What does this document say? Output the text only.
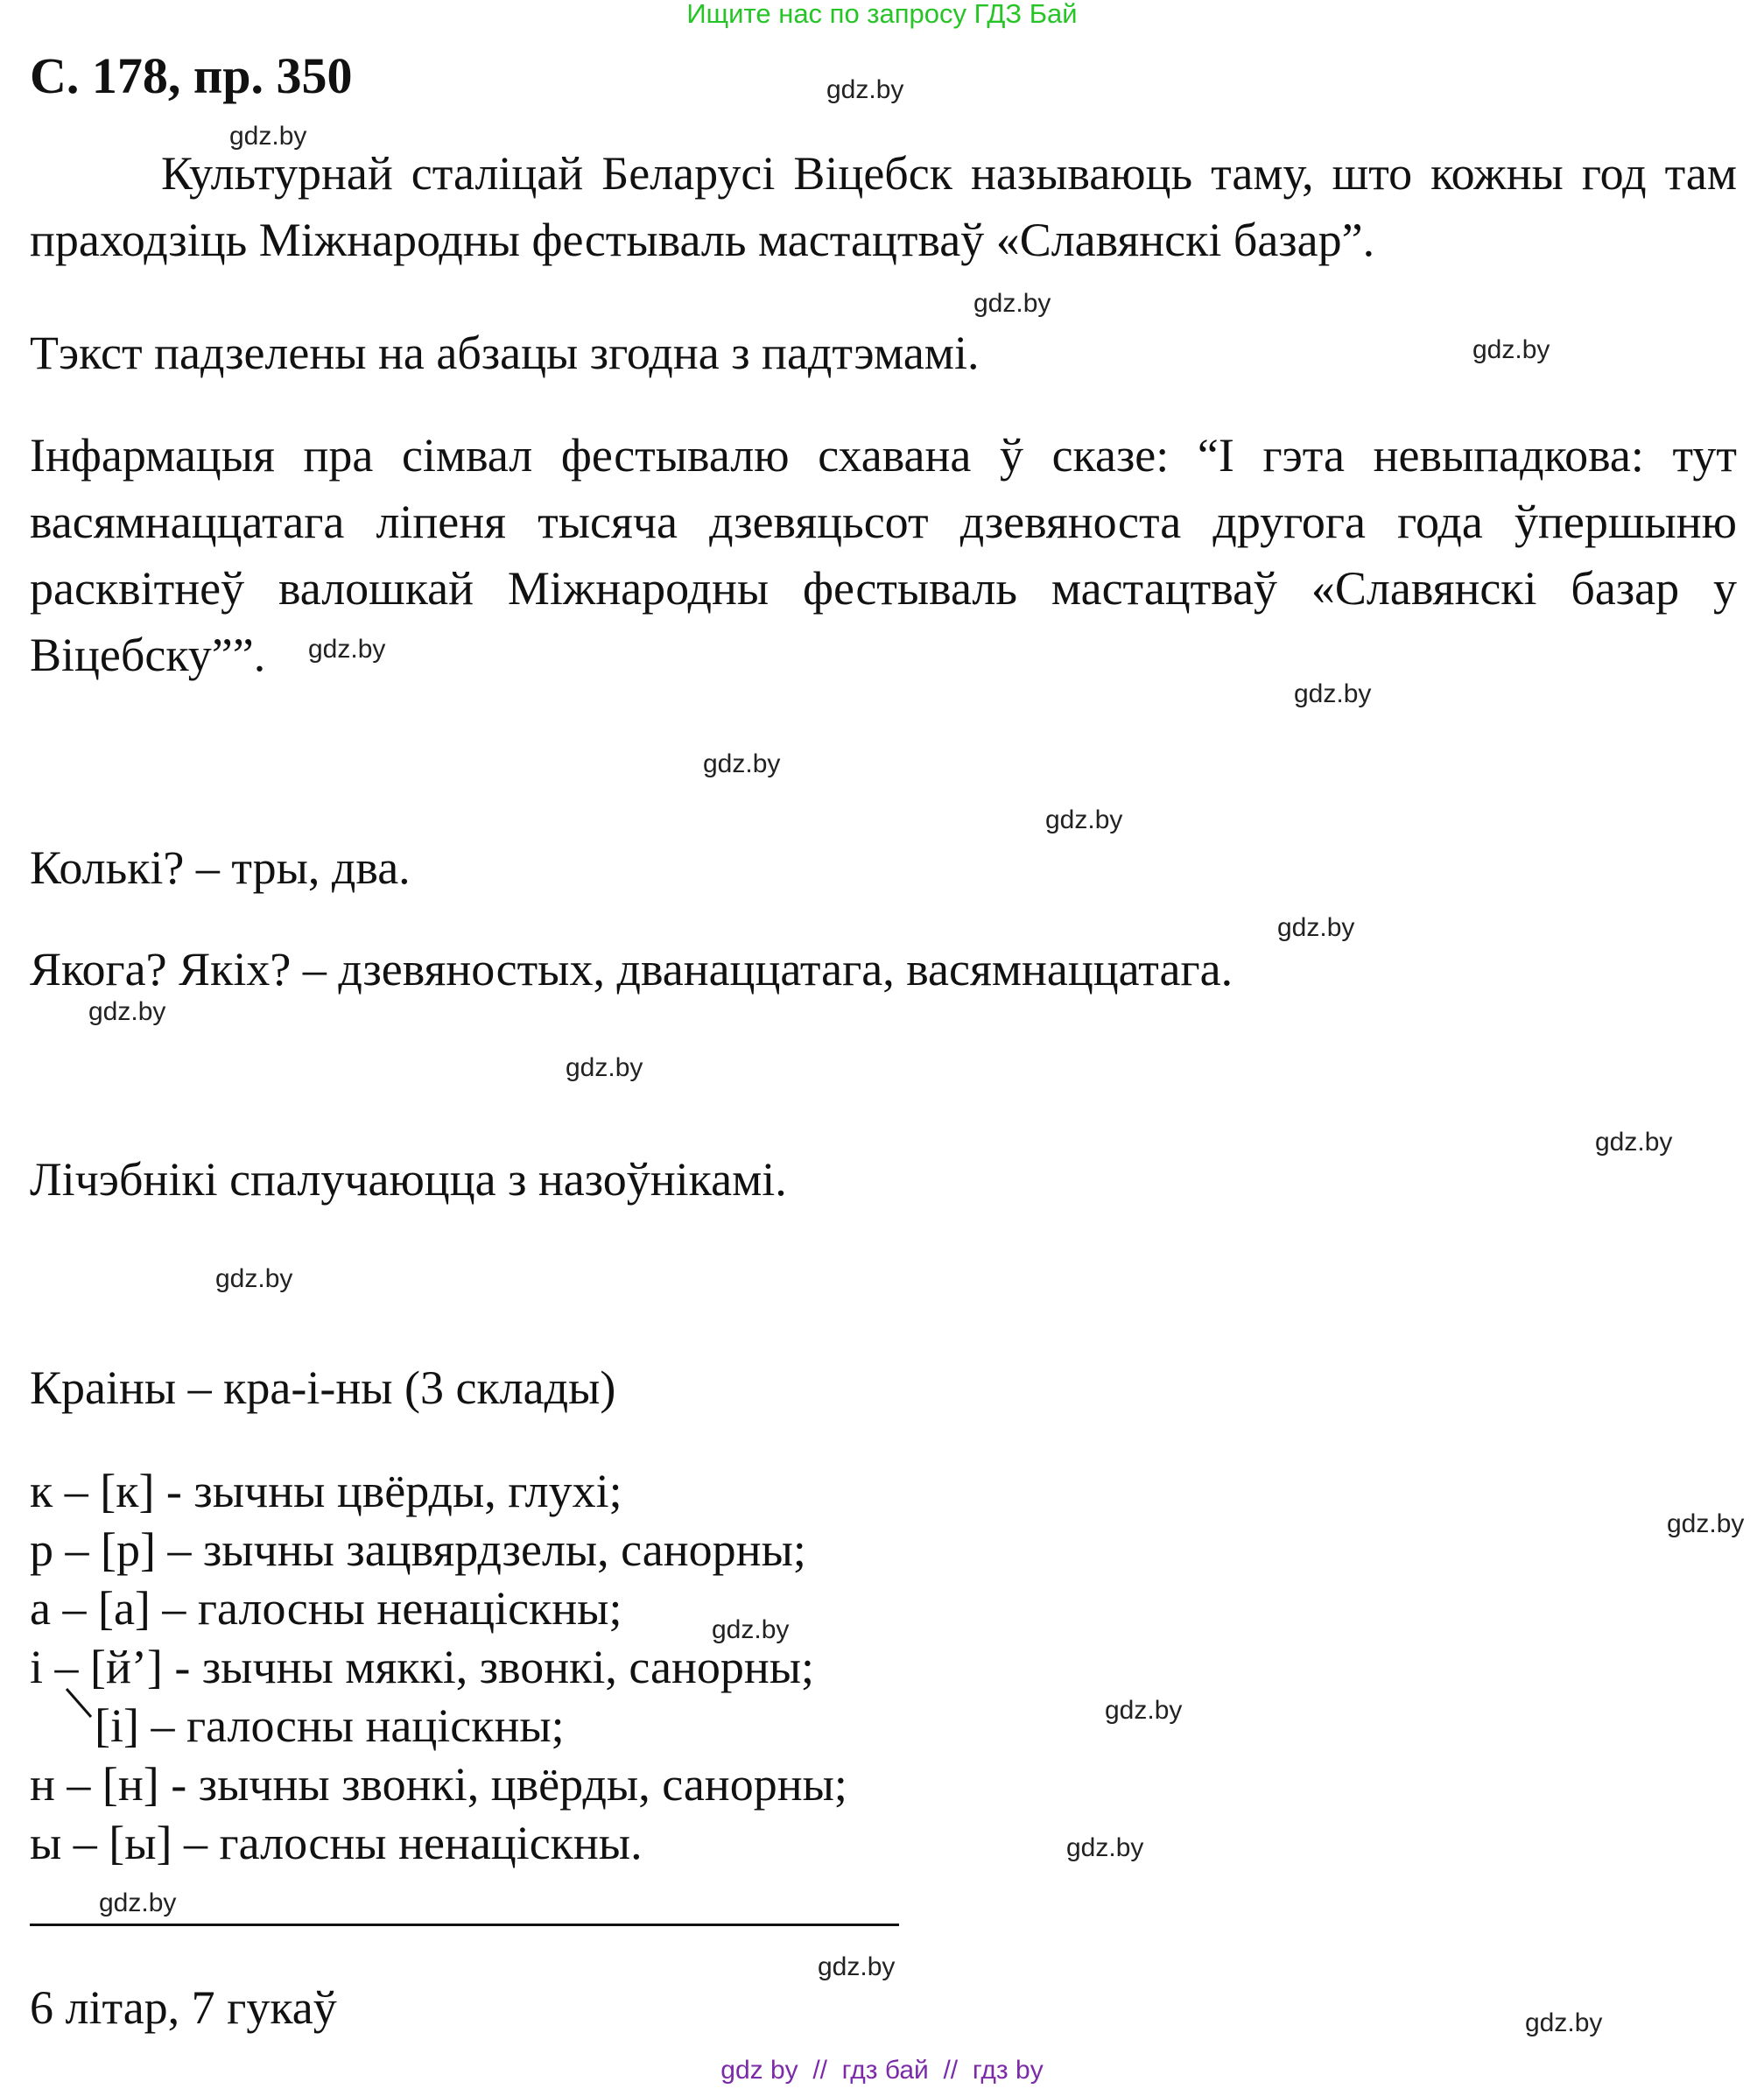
Ищите нас по запросу ГДЗ Бай
С. 178, пр. 350
Культурнай сталіцай Беларусі Віцебск называюць таму, што кожны год там праходзіць Міжнародны фестываль мастацтваў «Славянскі базар”.
Тэкст падзелены на абзацы згодна з падтэмамі.
Інфармацыя пра сімвал фестывалю схавана ў сказе: “І гэта невыпадкова: тут васямнаццатага ліпеня тысяча дзевяцьсот дзевяноста другога года ўпершыню расквітнеў валошкай Міжнародны фестываль мастацтваў «Славянскі базар у Віцебску””.
Колькі? – тры, два.
Якога? Якіх? – дзевяностых, дванаццатага, васямнаццатага.
Лічэбнікі спалучаюцца з назоўнікамі.
Краіны – кра-і-ны (3 склады)
к – [к] - зычны цвёрды, глухі;
р – [р] – зычны зацвярдзелы, санорны;
а – [а] – галосны ненаціскны;
і – [й’] - зычны мяккі, звонкі, санорны;
[і] – галосны націскны;
н – [н] - зычны звонкі, цвёрды, санорны;
ы – [ы] – галосны ненаціскны.
6 літар, 7 гукаў
gdz.by
gdz.by
gdz.by
gdz.by
gdz.by
gdz.by
gdz.by
gdz.by
gdz.by
gdz.by
gdz.by
gdz.by
gdz.by
gdz.by
gdz.by
gdz.by
gdz.by
gdz.by
gdz.by
gdz.by
gdz by  //  гдз бай  //  гдз by
